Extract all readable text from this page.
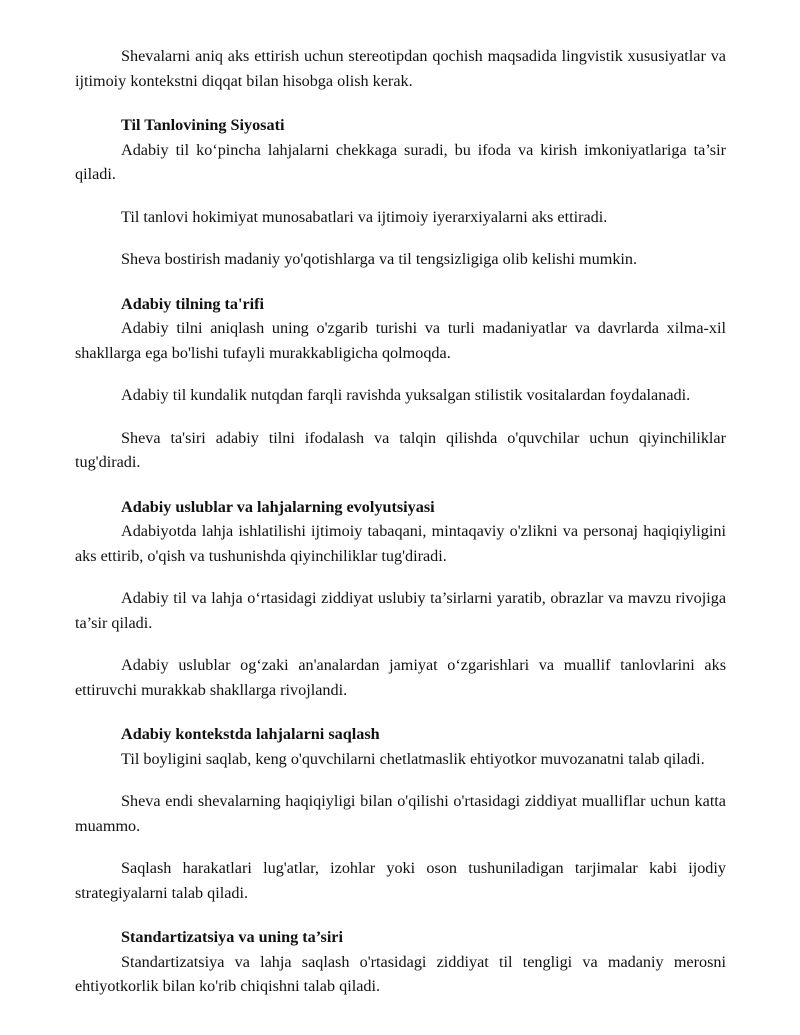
Shevalarni aniq aks ettirish uchun stereotipdan qochish maqsadida lingvistik xususiyatlar va ijtimoiy kontekstni diqqat bilan hisobga olish kerak.

Til Tanlovining Siyosati

Adabiy til ko‘pincha lahjalarni chekkaga suradi, bu ifoda va kirish imkoniyatlariga ta’sir qiladi.

Til tanlovi hokimiyat munosabatlari va ijtimoiy iyerarxiyalarni aks ettiradi.

Sheva bostirish madaniy yo'qotishlarga va til tengsizligiga olib kelishi mumkin.

Adabiy tilning ta'rifi

Adabiy tilni aniqlash uning o'zgarib turishi va turli madaniyatlar va davrlarda xilma-xil shakllarga ega bo'lishi tufayli murakkabligicha qolmoqda.

Adabiy til kundalik nutqdan farqli ravishda yuksalgan stilistik vositalardan foydalanadi.

Sheva ta'siri adabiy tilni ifodalash va talqin qilishda o'quvchilar uchun qiyinchiliklar tug'diradi.

Adabiy uslublar va lahjalarning evolyutsiyasi

Adabiyotda lahja ishlatilishi ijtimoiy tabaqani, mintaqaviy o'zlikni va personaj haqiqiyligini aks ettirib, o'qish va tushunishda qiyinchiliklar tug'diradi.

Adabiy til va lahja o‘rtasidagi ziddiyat uslubiy ta’sirlarni yaratib, obrazlar va mavzu rivojiga ta’sir qiladi.

Adabiy uslublar og‘zaki an'analardan jamiyat o‘zgarishlari va muallif tanlovlarini aks ettiruvchi murakkab shakllarga rivojlandi.

Adabiy kontekstda lahjalarni saqlash

Til boyligini saqlab, keng o'quvchilarni chetlatmaslik ehtiyotkor muvozanatni talab qiladi.

Sheva endi shevalarning haqiqiyligi bilan o'qilishi o'rtasidagi ziddiyat mualliflar uchun katta muammo.

Saqlash harakatlari lug'atlar, izohlar yoki oson tushuniladigan tarjimalar kabi ijodiy strategiyalarni talab qiladi.

Standartizatsiya va uning ta’siri

Standartizatsiya va lahja saqlash o'rtasidagi ziddiyat til tengligi va madaniy merosni ehtiyotkorlik bilan ko'rib chiqishni talab qiladi.
